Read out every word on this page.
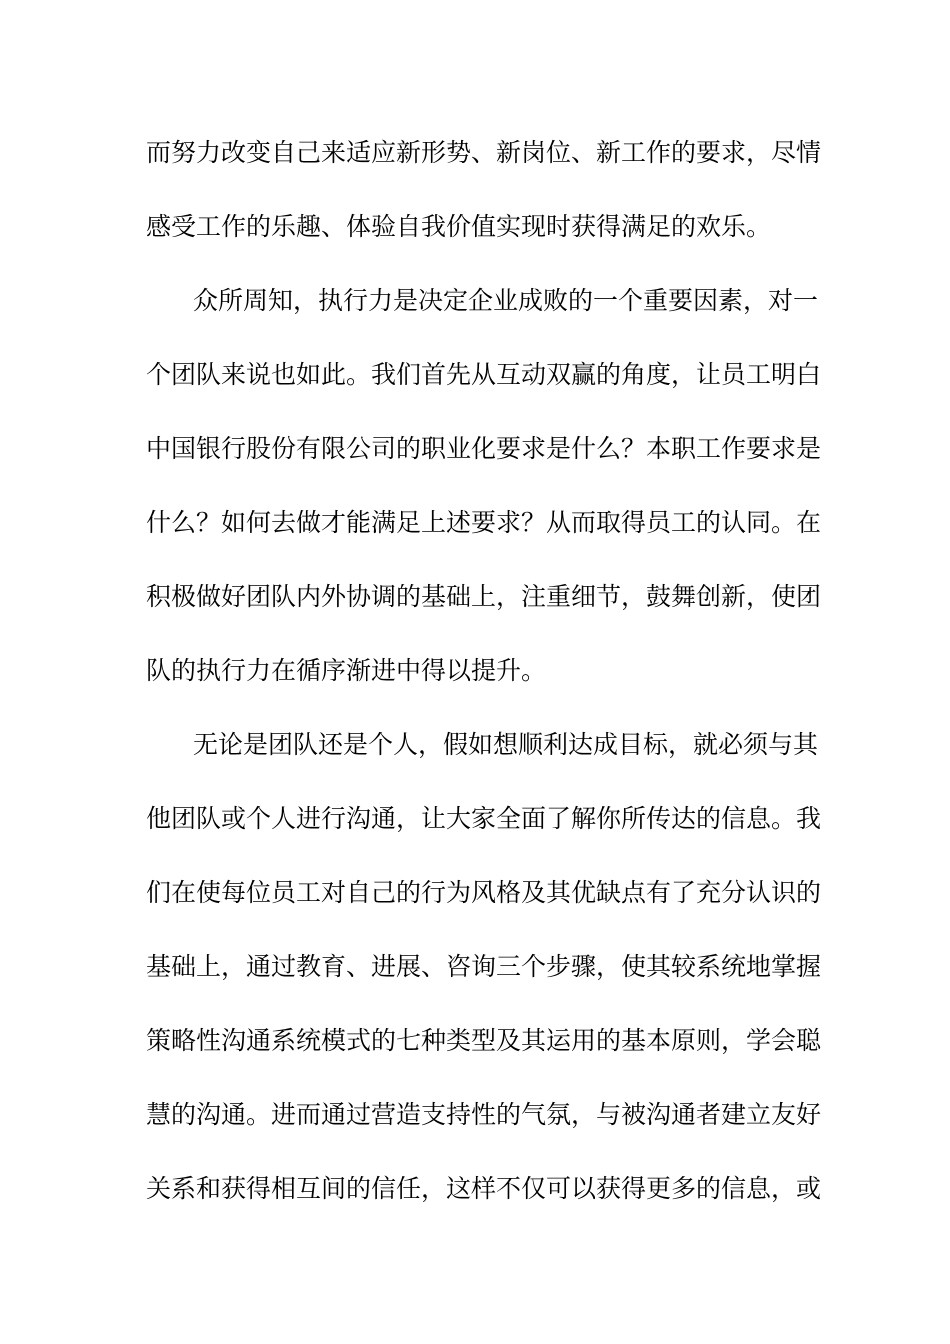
而努力改变自己来适应新形势、新岗位、新工作的要求，尽情
感受工作的乐趣、体验自我价值实现时获得满足的欢乐。
众所周知，执行力是决定企业成败的一个重要因素，对一
个团队来说也如此。我们首先从互动双赢的角度，让员工明白
中国银行股份有限公司的职业化要求是什么？本职工作要求是
什么？如何去做才能满足上述要求？从而取得员工的认同。在
积极做好团队内外协调的基础上，注重细节，鼓舞创新，使团
队的执行力在循序渐进中得以提升。
无论是团队还是个人，假如想顺利达成目标，就必须与其
他团队或个人进行沟通，让大家全面了解你所传达的信息。我
们在使每位员工对自己的行为风格及其优缺点有了充分认识的
基础上，通过教育、进展、咨询三个步骤，使其较系统地掌握
策略性沟通系统模式的七种类型及其运用的基本原则，学会聪
慧的沟通。进而通过营造支持性的气氛，与被沟通者建立友好
关系和获得相互间的信任，这样不仅可以获得更多的信息，或
